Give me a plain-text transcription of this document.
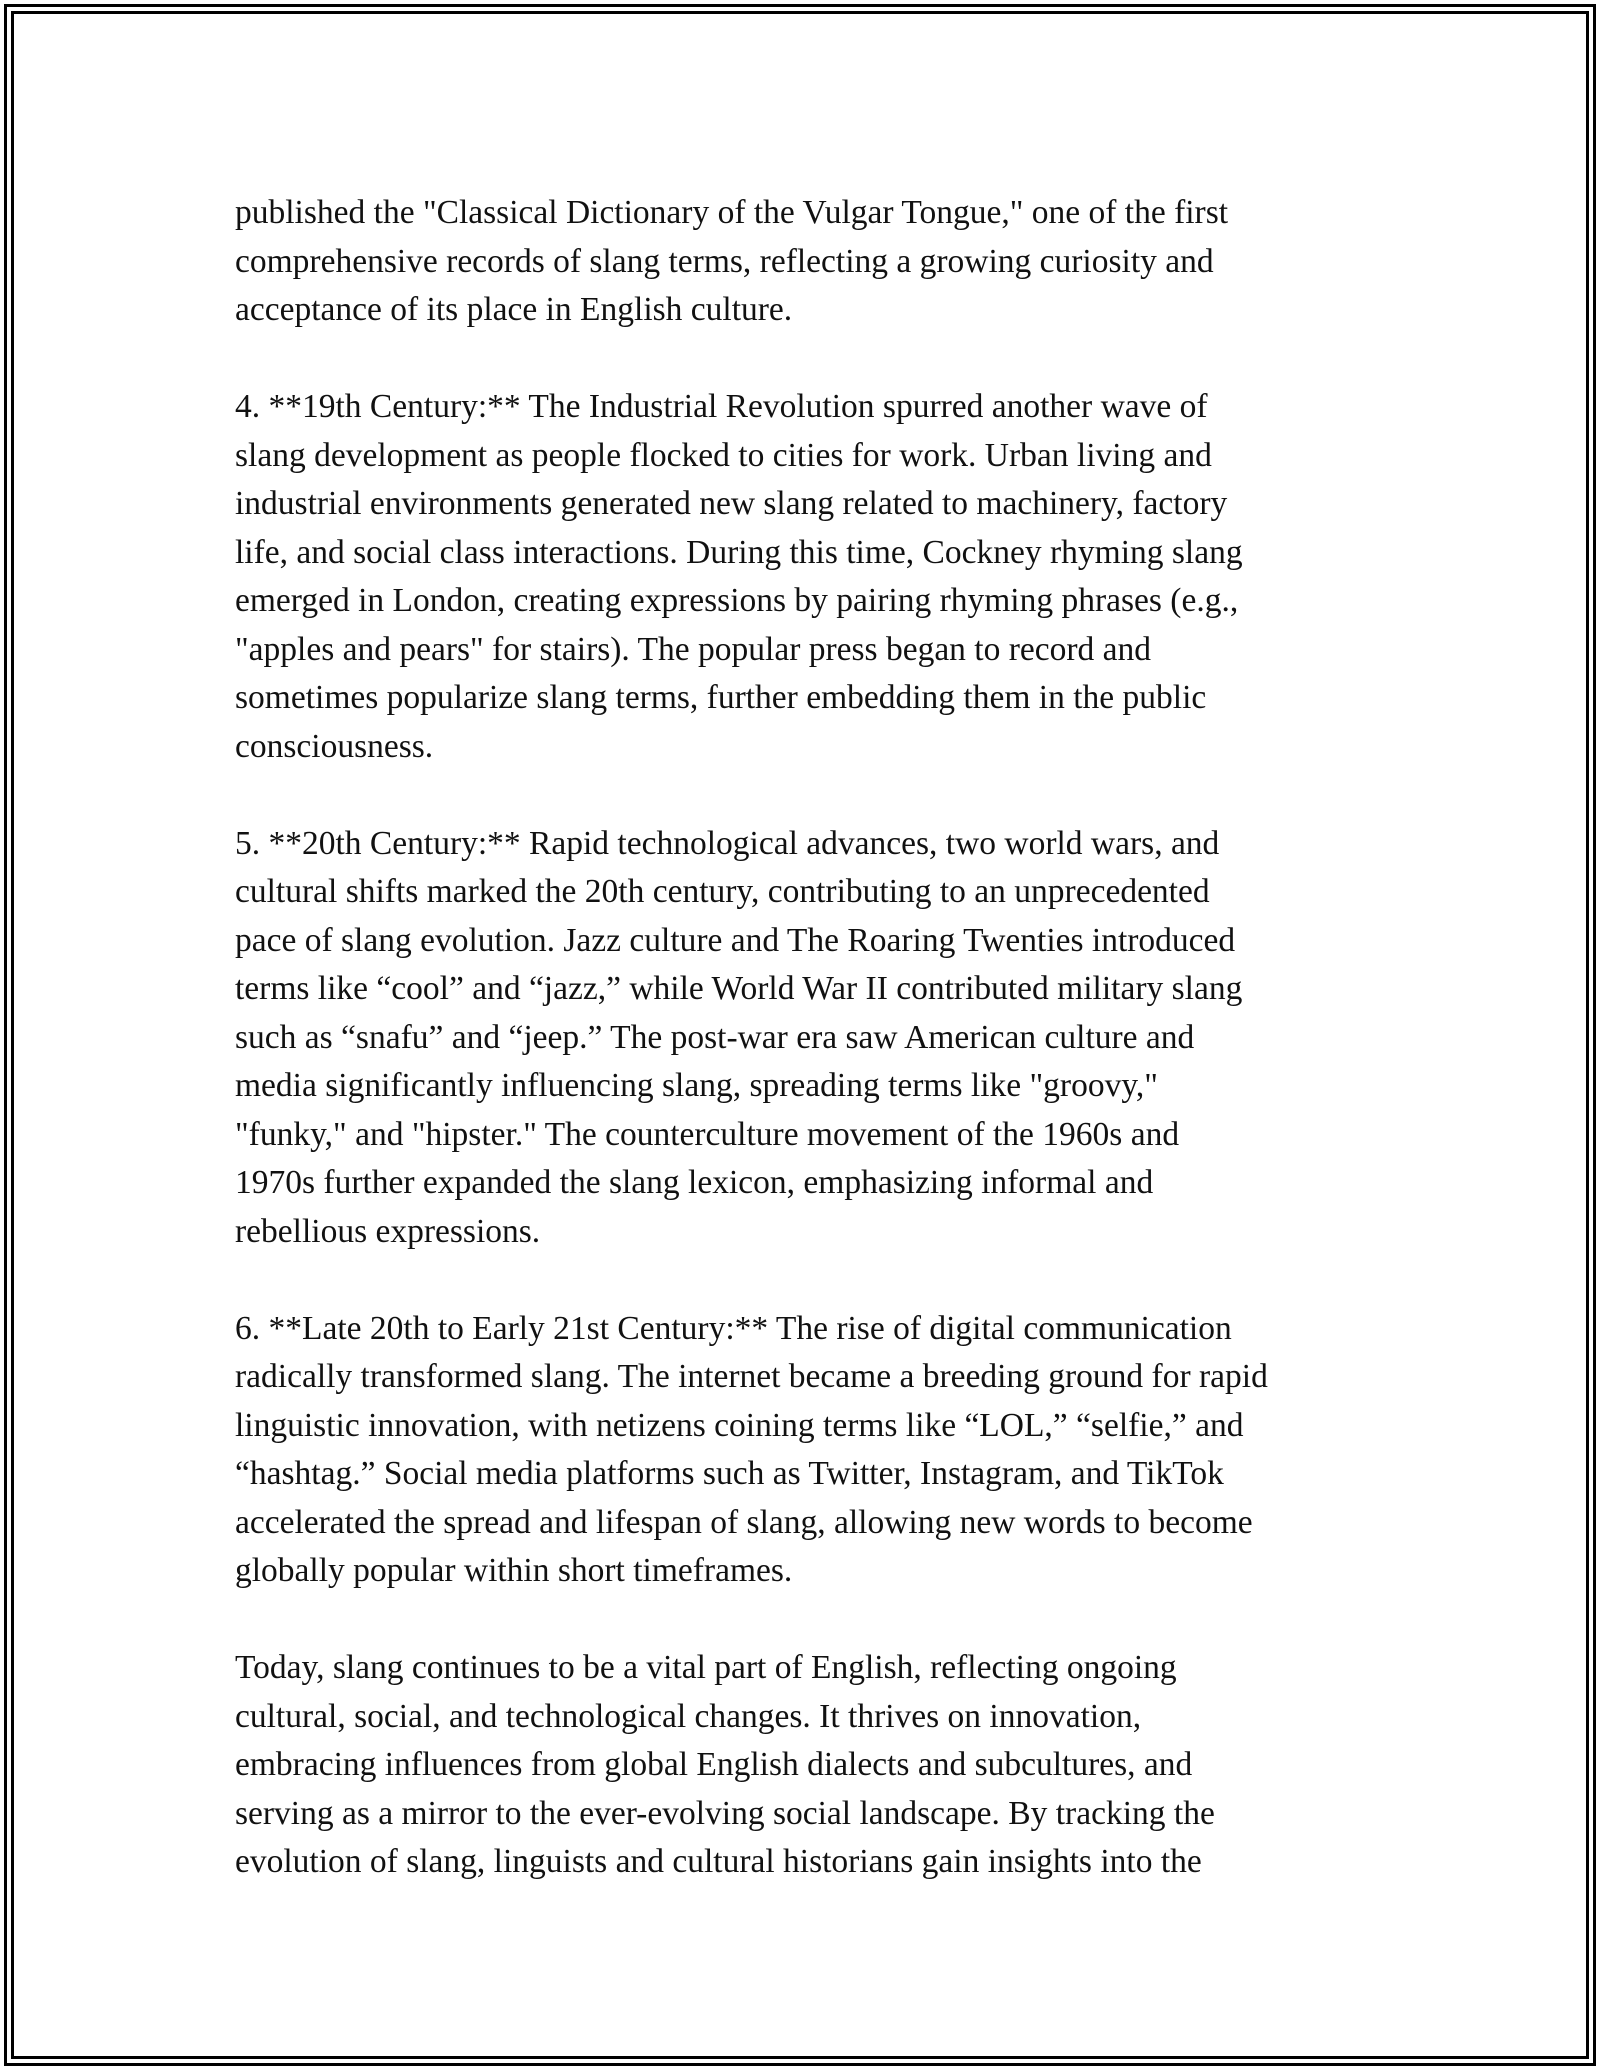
published the "Classical Dictionary of the Vulgar Tongue," one of the first
comprehensive records of slang terms, reflecting a growing curiosity and
acceptance of its place in English culture.

4. **19th Century:** The Industrial Revolution spurred another wave of
slang development as people flocked to cities for work. Urban living and
industrial environments generated new slang related to machinery, factory
life, and social class interactions. During this time, Cockney rhyming slang
emerged in London, creating expressions by pairing rhyming phrases (e.g.,
"apples and pears" for stairs). The popular press began to record and
sometimes popularize slang terms, further embedding them in the public
consciousness.

5. **20th Century:** Rapid technological advances, two world wars, and
cultural shifts marked the 20th century, contributing to an unprecedented
pace of slang evolution. Jazz culture and The Roaring Twenties introduced
terms like “cool” and “jazz,” while World War II contributed military slang
such as “snafu” and “jeep.” The post-war era saw American culture and
media significantly influencing slang, spreading terms like "groovy,"
"funky," and "hipster." The counterculture movement of the 1960s and
1970s further expanded the slang lexicon, emphasizing informal and
rebellious expressions.

6. **Late 20th to Early 21st Century:** The rise of digital communication
radically transformed slang. The internet became a breeding ground for rapid
linguistic innovation, with netizens coining terms like “LOL,” “selfie,” and
“hashtag.” Social media platforms such as Twitter, Instagram, and TikTok
accelerated the spread and lifespan of slang, allowing new words to become
globally popular within short timeframes.

Today, slang continues to be a vital part of English, reflecting ongoing
cultural, social, and technological changes. It thrives on innovation,
embracing influences from global English dialects and subcultures, and
serving as a mirror to the ever-evolving social landscape. By tracking the
evolution of slang, linguists and cultural historians gain insights into the
